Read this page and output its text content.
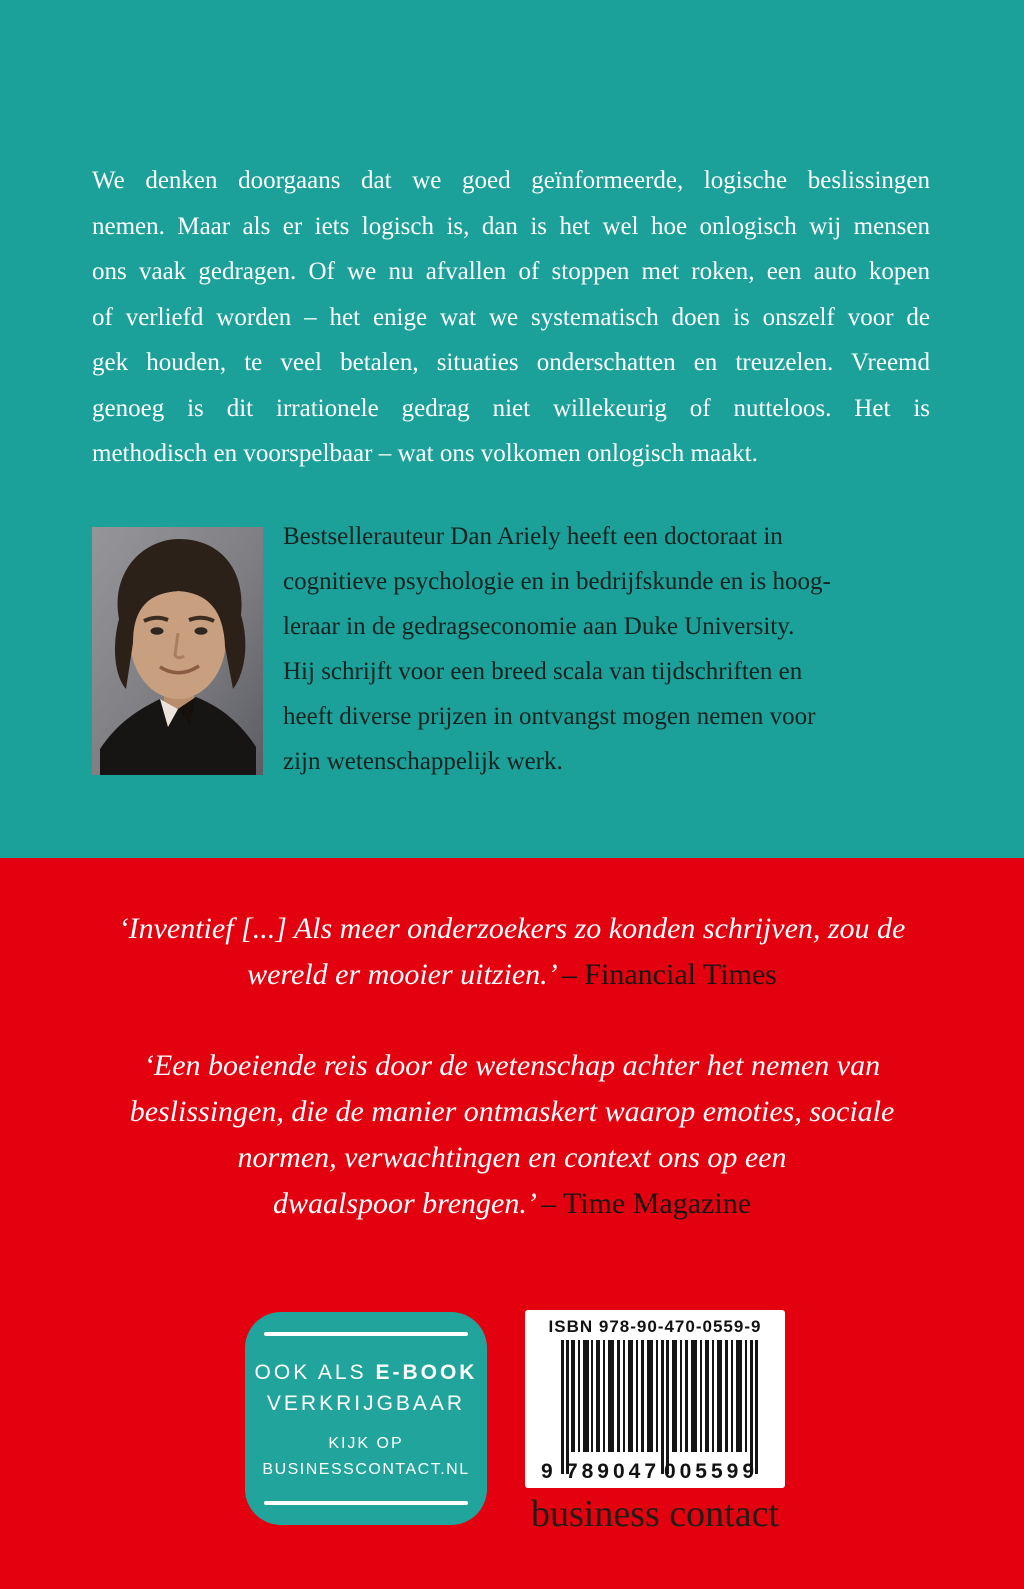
We denken doorgaans dat we goed geïnformeerde, logische beslissingen
nemen. Maar als er iets logisch is, dan is het wel hoe onlogisch wij mensen
ons vaak gedragen. Of we nu afvallen of stoppen met roken, een auto kopen
of verliefd worden – het enige wat we systematisch doen is onszelf voor de
gek houden, te veel betalen, situaties onderschatten en treuzelen. Vreemd
genoeg is dit irrationele gedrag niet willekeurig of nutteloos. Het is
methodisch en voorspelbaar – wat ons volkomen onlogisch maakt.
Bestsellerauteur Dan Ariely heeft een doctoraat in
cognitieve psychologie en in bedrijfskunde en is hoog-
leraar in de gedragseconomie aan Duke University.
Hij schrijft voor een breed scala van tijdschriften en
heeft diverse prijzen in ontvangst mogen nemen voor
zijn wetenschappelijk werk.
‘Inventief [...] Als meer onderzoekers zo konden schrijven, zou de
wereld er mooier uitzien.’ – Financial Times
‘Een boeiende reis door de wetenschap achter het nemen van
beslissingen, die de manier ontmaskert waarop emoties, sociale
normen, verwachtingen en context ons op een
dwaalspoor brengen.’ – Time Magazine
OOK ALS E-BOOK
VERKRIJGBAAR
KIJK OP
BUSINESSCONTACT.NL
ISBN 978-90-470-0559-9
9 789047 005599
business contact
